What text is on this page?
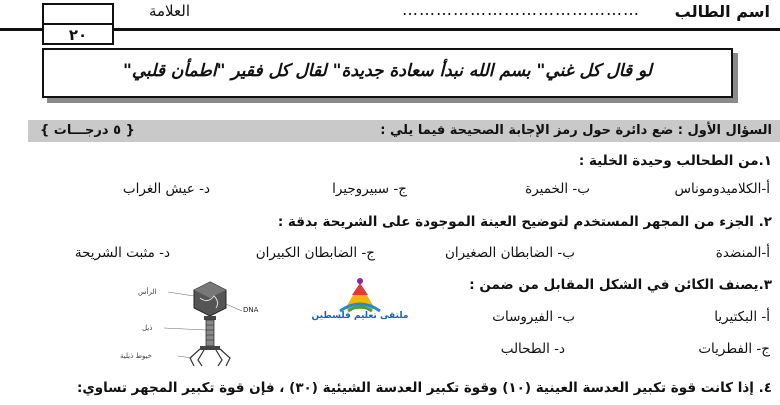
٢٠
العلامة	…………………………………… اسم الطالب
لو قال كل غني" بسم الله نبدأ سعادة جديدة" لقال كل فقير "اطمأن قلبي"
السؤال الأول : ضع دائرة حول رمز الإجابة الصحيحة فيما يلي :
{ ٥ درجـــات }
١.من الطحالب وحيدة الخلية :
أ-الكلاميدوموناس
ب- الخميرة
ج- سبيروجيرا
د- عيش الغراب
٢. الجزء من المجهر المستخدم لتوضيح العينة الموجودة على الشريحة بدقة :
أ-المنضدة
ب- الضابطان الصغيران
ج- الضابطان الكبيران
د- مثبت الشريحة
٣.يصنف الكائن في الشكل المقابل من ضمن :
أ- البكتيريا
ب- الفيروسات
ج- الفطريات
د- الطحالب
٤. إذا كانت قوة تكبير العدسة العينية (١٠) وقوة تكبير العدسة الشيئية (٣٠) ، فإن قوة تكبير المجهر تساوي:
ملتقى تعليم فلسطين
الرأس
DNA
ذيل
خيوط ذيلية
